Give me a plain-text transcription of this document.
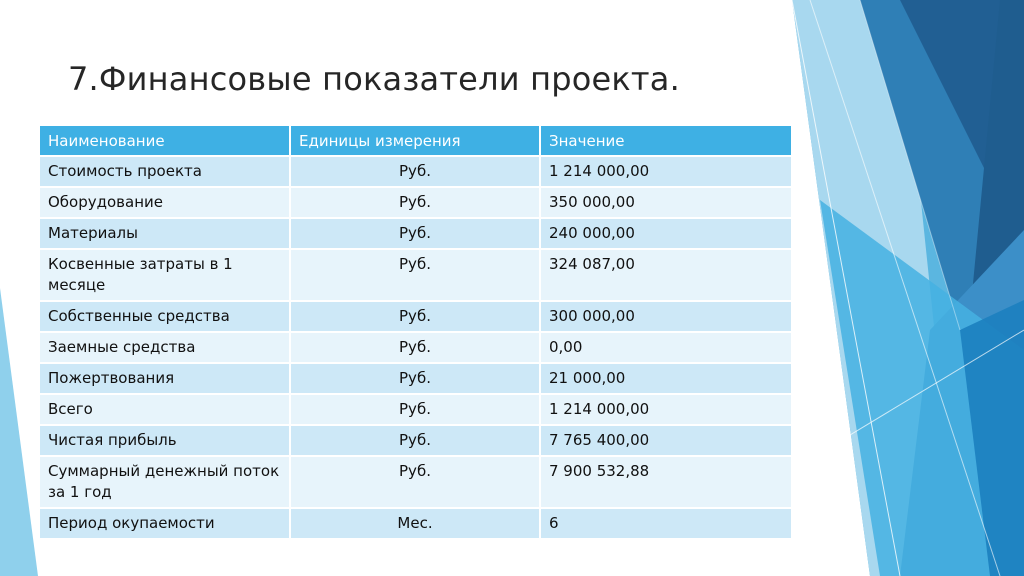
7.Финансовые показатели проекта.
Наименование	Единицы измерения	Значение
Стоимость проекта	Руб.	1 214 000,00
Оборудование	Руб.	350 000,00
Материалы	Руб.	240 000,00
Косвенные затраты в 1 месяце	Руб.	324 087,00
Собственные средства	Руб.	300 000,00
Заемные средства	Руб.	0,00
Пожертвования	Руб.	21 000,00
Всего	Руб.	1 214 000,00
Чистая прибыль	Руб.	7 765 400,00
Суммарный денежный поток за 1 год	Руб.	7 900 532,88
Период окупаемости	Мес.	6
